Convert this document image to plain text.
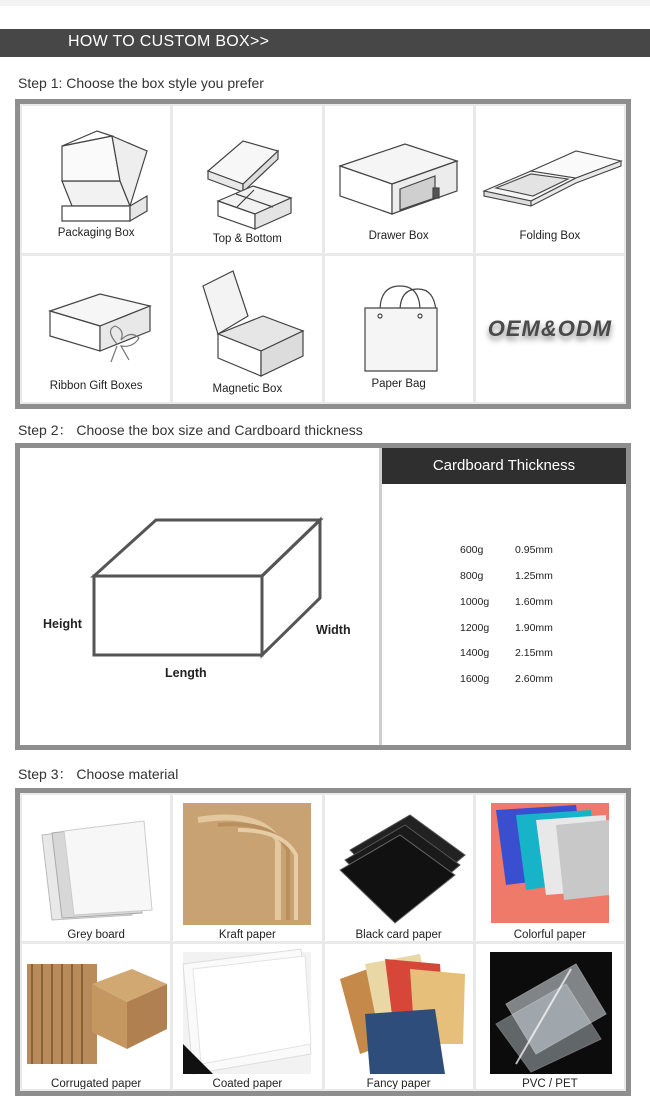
HOW TO CUSTOM BOX>>
Step 1: Choose the box style you prefer
Packaging Box	Top & Bottom	Drawer Box	Folding Box
Ribbon Gift Boxes	Magnetic Box	Paper Bag
OEM&ODM
Step 2： Choose the box size and Cardboard thickness
Height
Length
Width
Cardboard Thickness
600g	0.95mm
800g	1.25mm
1000g 1.60mm
1200g 1.90mm
1400g 2.15mm
1600g 2.60mm
Step 3： Choose material
Grey board	Kraft paper	Black card paper	Colorful paper
Corrugated paper	Coated paper	Fancy paper	PVC / PET
